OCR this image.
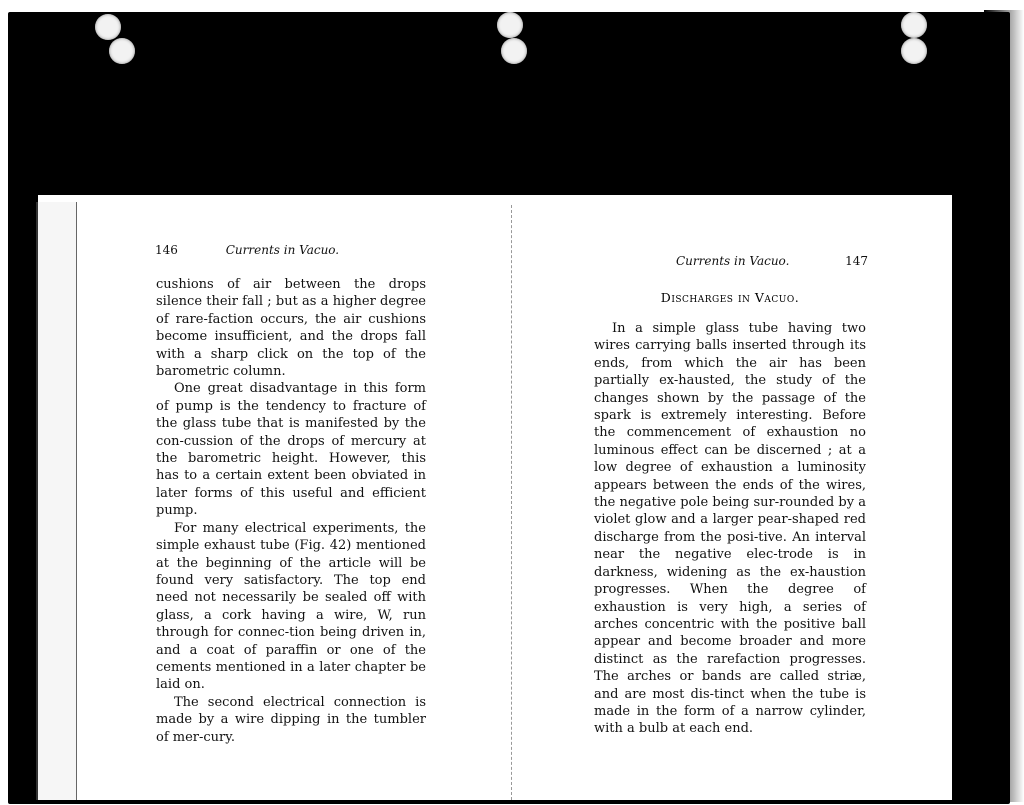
146	Currents in Vacuo.

cushions of air between the drops silence their fall ; but as a higher degree of rare-faction occurs, the air cushions become insufficient, and the drops fall with a sharp click on the top of the barometric column.

One great disadvantage in this form of pump is the tendency to fracture of the glass tube that is manifested by the con-cussion of the drops of mercury at the barometric height. However, this has to a certain extent been obviated in later forms of this useful and efficient pump.

For many electrical experiments, the simple exhaust tube (Fig. 42) mentioned at the beginning of the article will be found very satisfactory. The top end need not necessarily be sealed off with glass, a cork having a wire, W, run through for connec-tion being driven in, and a coat of paraffin or one of the cements mentioned in a later chapter be laid on.

The second electrical connection is made by a wire dipping in the tumbler of mer-cury.

Currents in Vacuo.	147
Discharges in Vacuo.

In a simple glass tube having two wires carrying balls inserted through its ends, from which the air has been partially ex-hausted, the study of the changes shown by the passage of the spark is extremely interesting. Before the commencement of exhaustion no luminous effect can be discerned ; at a low degree of exhaustion a luminosity appears between the ends of the wires, the negative pole being sur-rounded by a violet glow and a larger pear-shaped red discharge from the posi-tive. An interval near the negative elec-trode is in darkness, widening as the ex-haustion progresses. When the degree of exhaustion is very high, a series of arches concentric with the positive ball appear and become broader and more distinct as the rarefaction progresses. The arches or bands are called striæ, and are most dis-tinct when the tube is made in the form of a narrow cylinder, with a bulb at each end.
